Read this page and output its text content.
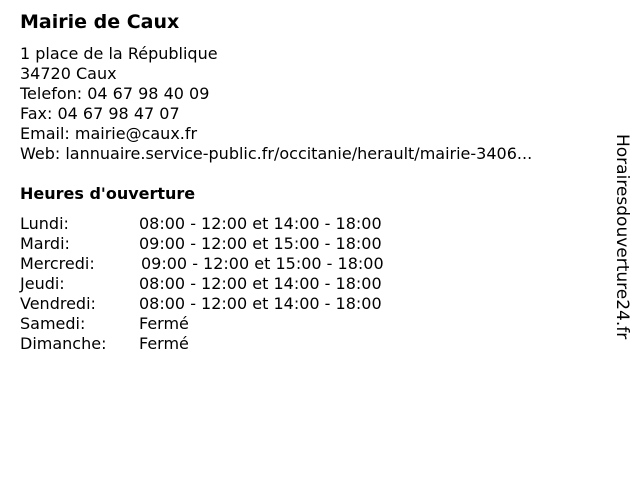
Mairie de Caux
1 place de la République
34720 Caux
Telefon: 04 67 98 40 09
Fax: 04 67 98 47 07
Email: mairie@caux.fr
Web: lannuaire.service-public.fr/occitanie/herault/mairie-3406...
Heures d'ouverture
Lundi:	08:00 - 12:00 et 14:00 - 18:00
Mardi:	09:00 - 12:00 et 15:00 - 18:00
Mercredi:	09:00 - 12:00 et 15:00 - 18:00
Jeudi:	08:00 - 12:00 et 14:00 - 18:00
Vendredi:	08:00 - 12:00 et 14:00 - 18:00
Samedi:	Fermé
Dimanche: Fermé
Horairesdouverture24.fr
